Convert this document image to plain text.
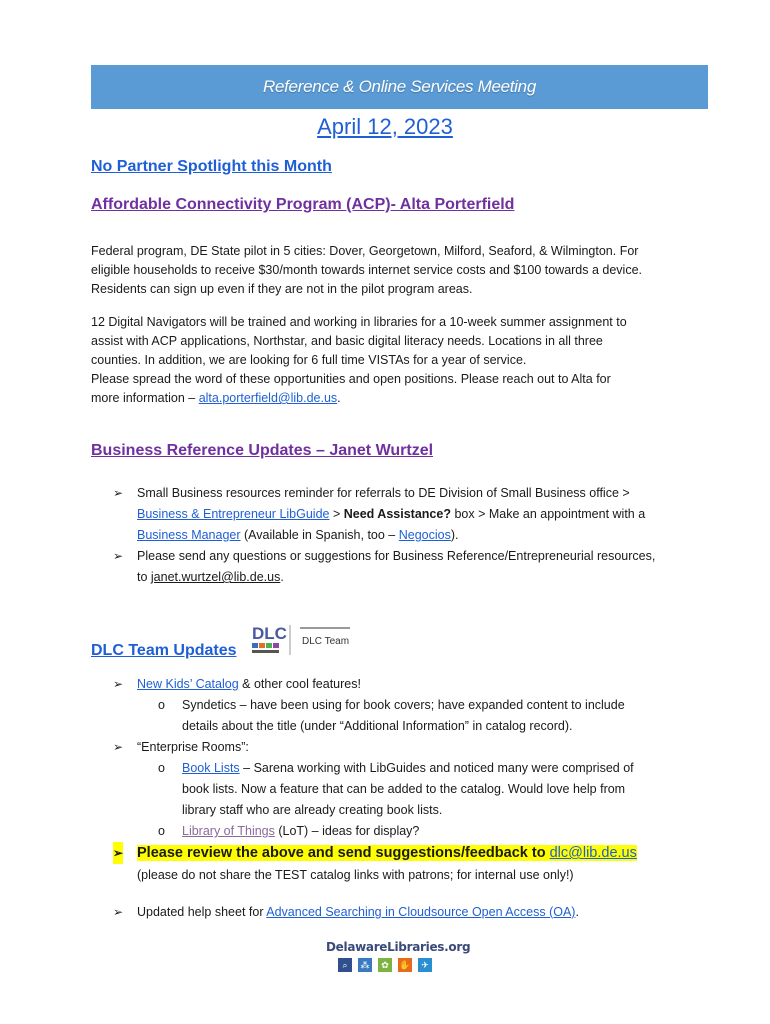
Reference & Online Services Meeting
April 12, 2023
No Partner Spotlight this Month
Affordable Connectivity Program (ACP)- Alta Porterfield

Federal program, DE State pilot in 5 cities: Dover, Georgetown, Milford, Seaford, & Wilmington. For

eligible households to receive $30/month towards internet service costs and $100 towards a device.

Residents can sign up even if they are not in the pilot program areas.

12 Digital Navigators will be trained and working in libraries for a 10-week summer assignment to

assist with ACP applications, Northstar, and basic digital literacy needs. Locations in all three

counties. In addition, we are looking for 6 full time VISTAs for a year of service.

Please spread the word of these opportunities and open positions. Please reach out to Alta for

more information – alta.porterfield@lib.de.us.

Business Reference Updates – Janet Wurtzel
➢ Small Business resources reminder for referrals to DE Division of Small Business office >
Business & Entrepreneur LibGuide > Need Assistance? box > Make an appointment with a
Business Manager (Available in Spanish, too – Negocios).
➢ Please send any questions or suggestions for Business Reference/Entrepreneurial resources,
to janet.wurtzel@lib.de.us.
DLC Team Updates
DLC DLC Team
➢ New Kids’ Catalog & other cool features!
o Syndetics – have been using for book covers; have expanded content to include
details about the title (under “Additional Information” in catalog record).
➢ “Enterprise Rooms”:
o Book Lists – Sarena working with LibGuides and noticed many were comprised of
book lists. Now a feature that can be added to the catalog. Would love help from
library staff who are already creating book lists.
o Library of Things (LoT) – ideas for display?
➢ Please review the above and send suggestions/feedback to dlc@lib.de.us
(please do not share the TEST catalog links with patrons; for internal use only!)
➢ Updated help sheet for Advanced Searching in Cloudsource Open Access (OA).
DelawareLibraries.org
⌕	⁂	✿	✋	✈
